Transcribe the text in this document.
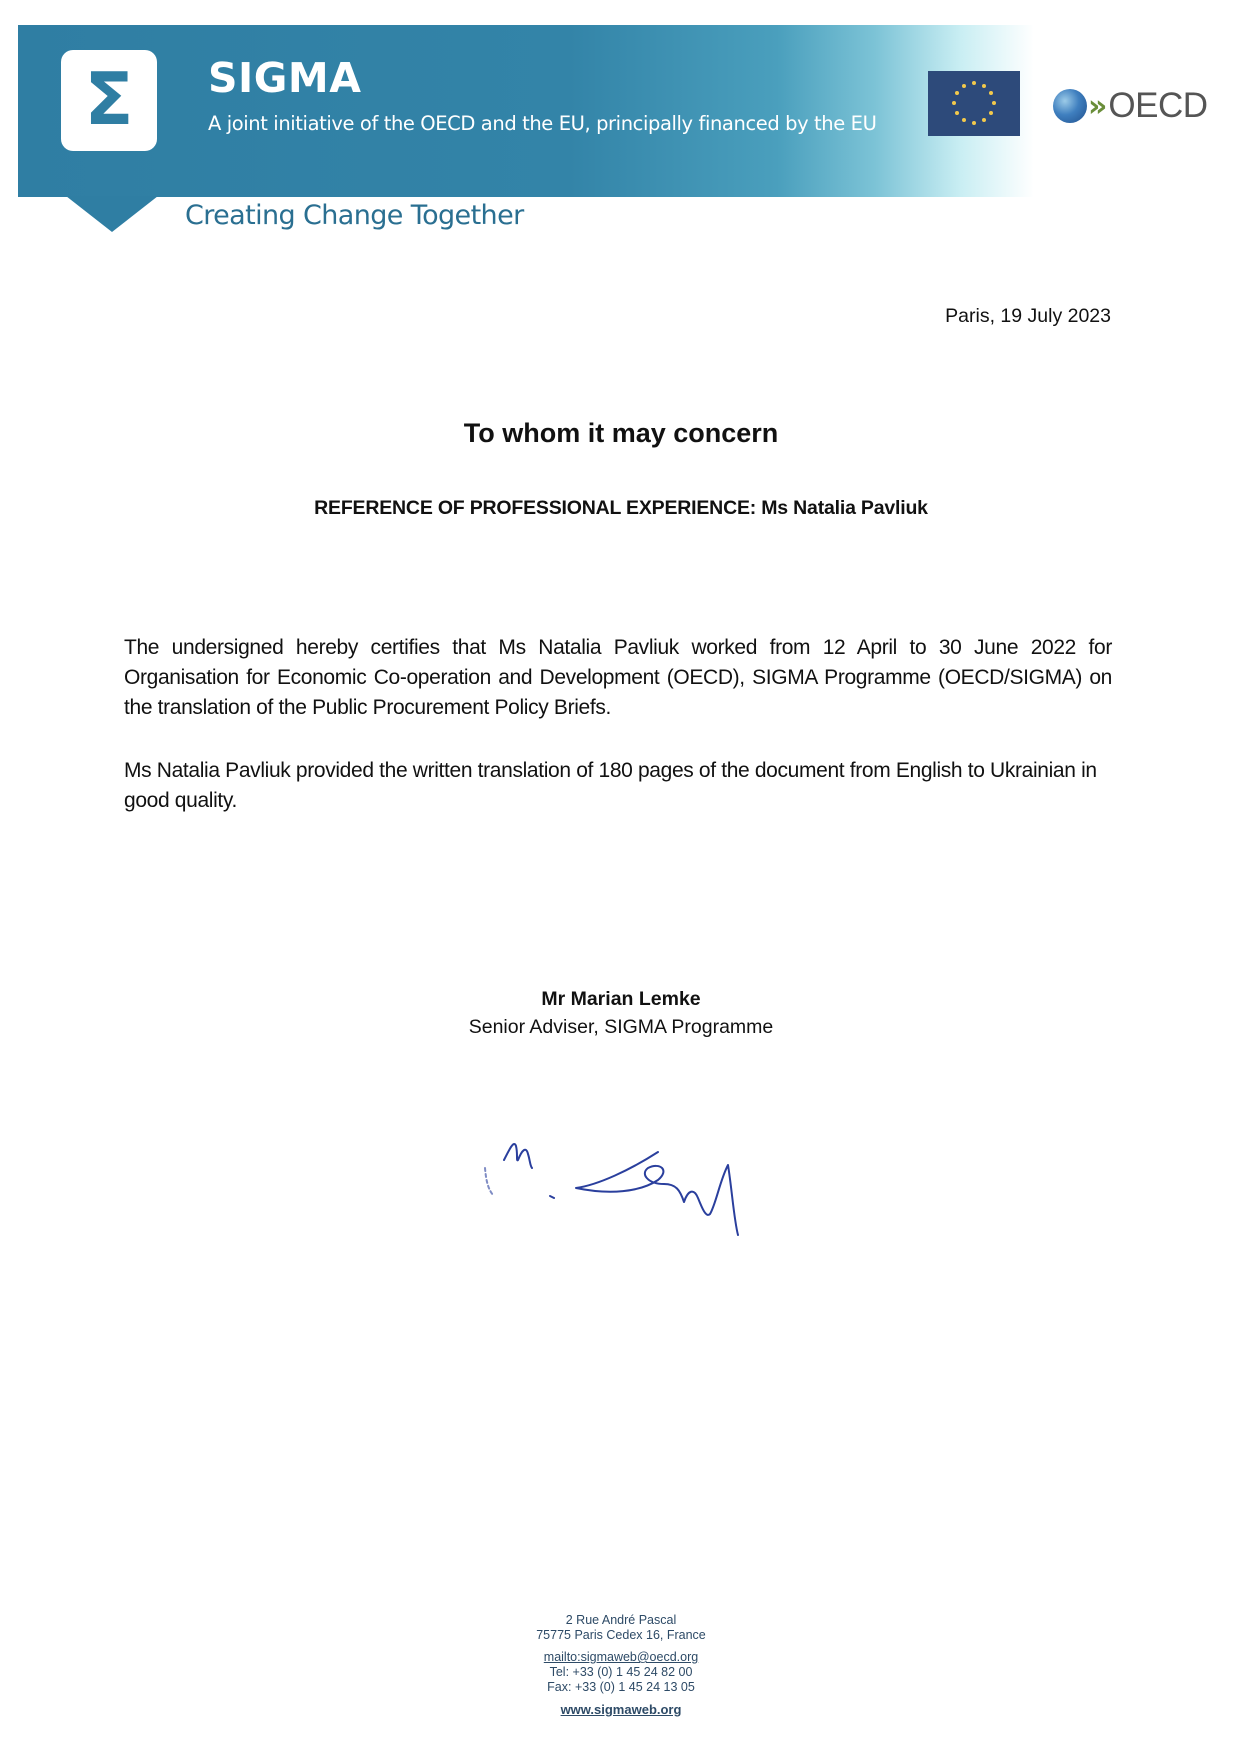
Σ SIGMA
A joint initiative of the OECD and the EU, principally financed by the EU
Creating Change Together
» OECD
Paris, 19 July 2023
To whom it may concern
REFERENCE OF PROFESSIONAL EXPERIENCE: Ms Natalia Pavliuk
The undersigned hereby certifies that Ms Natalia Pavliuk worked from 12 April to 30 June 2022 for Organisation for Economic Co-operation and Development (OECD), SIGMA Programme (OECD/SIGMA) on the translation of the Public Procurement Policy Briefs.
Ms Natalia Pavliuk provided the written translation of 180 pages of the document from English to Ukrainian in good quality.
Mr Marian Lemke
Senior Adviser, SIGMA Programme
2 Rue André Pascal
75775 Paris Cedex 16, France
mailto:sigmaweb@oecd.org
Tel: +33 (0) 1 45 24 82 00
Fax: +33 (0) 1 45 24 13 05
www.sigmaweb.org
